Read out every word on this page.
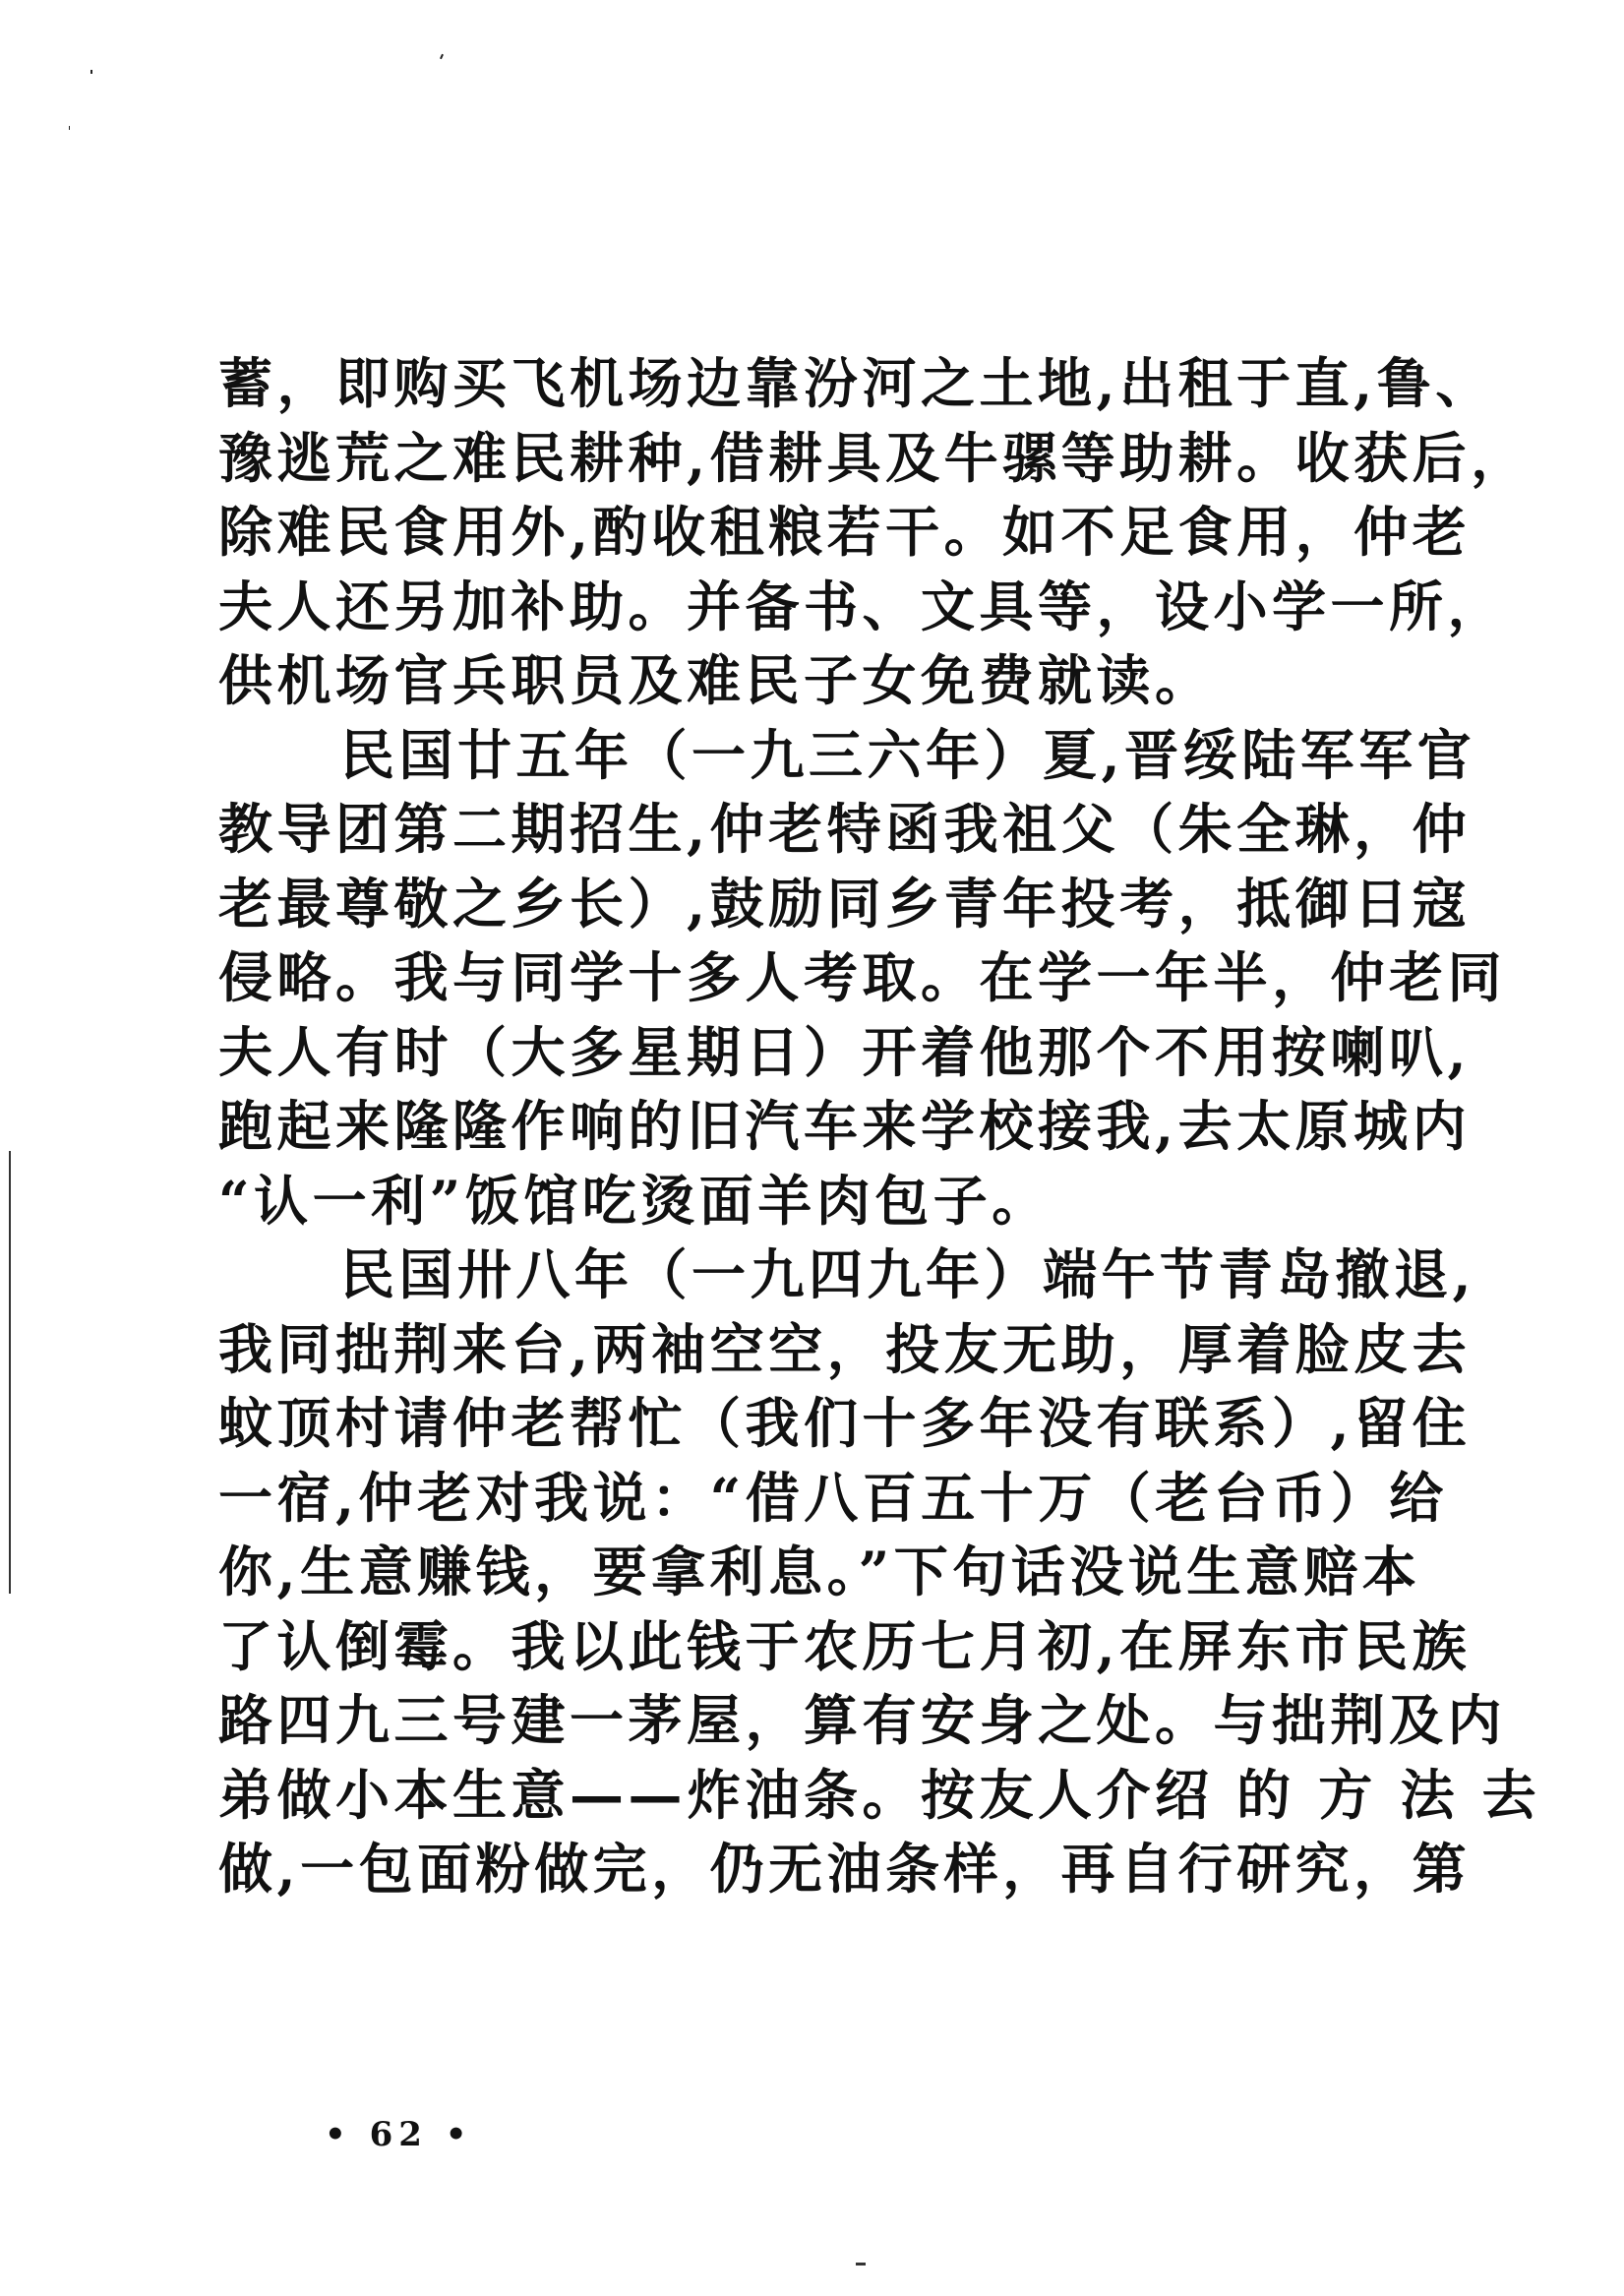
蓄，即购买飞机场边靠汾河之土地,出租于直,鲁、
豫逃荒之难民耕种,借耕具及牛骡等助耕。收获后，
除难民食用外,酌收租粮若干。如不足食用，仲老
夫人还另加补助。并备书、文具等，设小学一所，
供机场官兵职员及难民子女免费就读。
民国廿五年（一九三六年）夏,晋绥陆军军官
教导团第二期招生,仲老特函我祖父（朱全琳，仲
老最尊敬之乡长）,鼓励同乡青年投考，抵御日寇
侵略。我与同学十多人考取。在学一年半，仲老同
夫人有时（大多星期日）开着他那个不用按喇叭,
跑起来隆隆作响的旧汽车来学校接我,去太原城内
“认一利”饭馆吃烫面羊肉包子。
民国卅八年（一九四九年）端午节青岛撤退,
我同拙荆来台,两袖空空，投友无助，厚着脸皮去
蚊顶村请仲老帮忙（我们十多年没有联系）,留住
一宿,仲老对我说：“借八百五十万（老台币）给
你,生意赚钱，要拿利息。”下句话没说生意赔本
了认倒霉。我以此钱于农历七月初,在屏东市民族
路四九三号建一茅屋，算有安身之处。与拙荆及内
弟做小本生意——炸油条。按友人介绍 的 方 法 去
做,一包面粉做完，仍无油条样，再自行研究，第
• 62 •
